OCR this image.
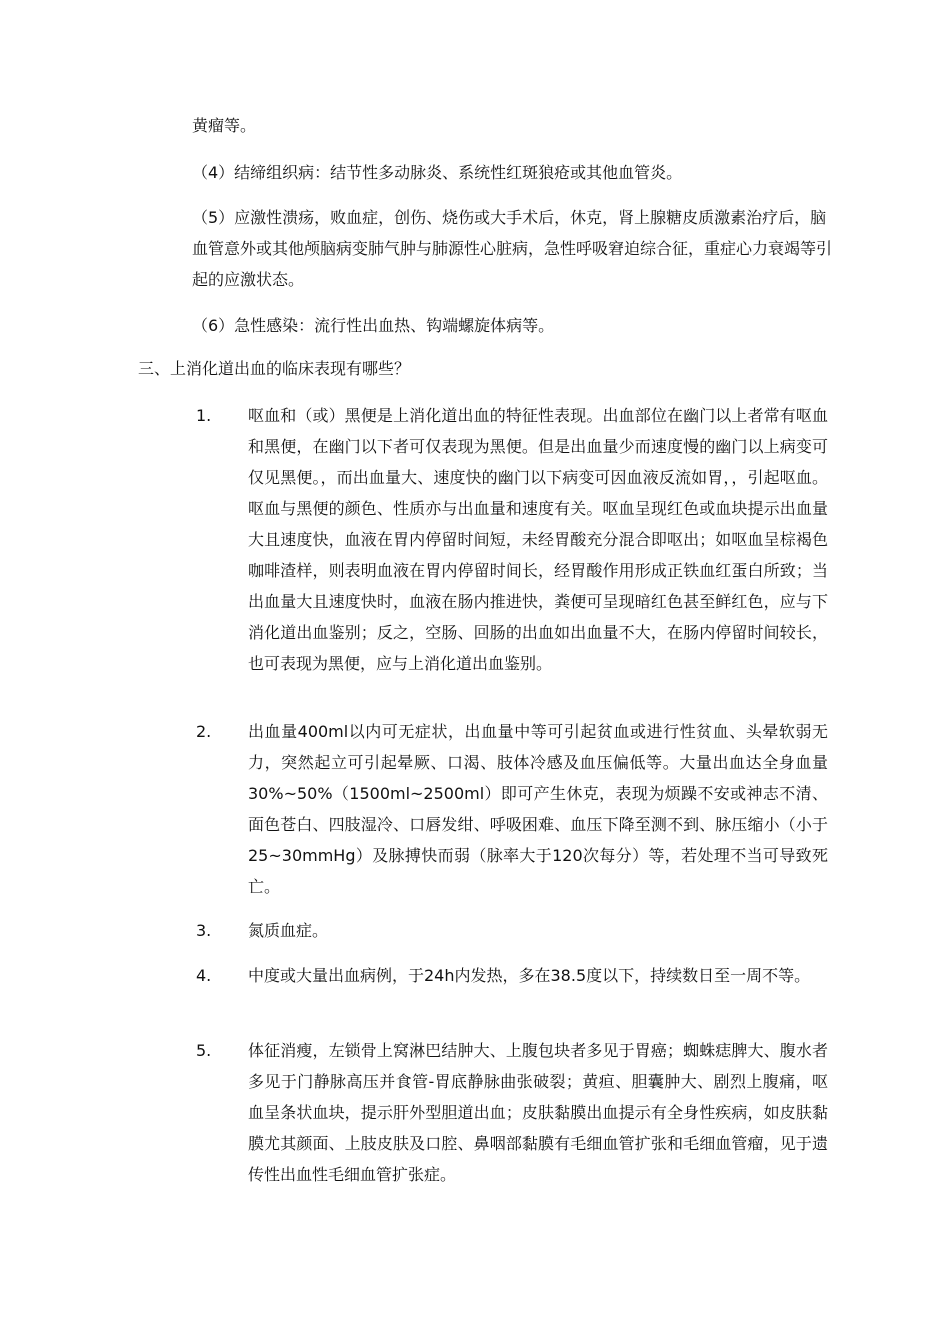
黄瘤等。

（4）结缔组织病：结节性多动脉炎、系统性红斑狼疮或其他血管炎。

（5）应激性溃疡，败血症，创伤、烧伤或大手术后，休克，肾上腺糖皮质激素治疗后，脑血管意外或其他颅脑病变肺气肿与肺源性心脏病，急性呼吸窘迫综合征，重症心力衰竭等引起的应激状态。

（6）急性感染：流行性出血热、钩端螺旋体病等。

三、上消化道出血的临床表现有哪些？

1.	呕血和（或）黑便是上消化道出血的特征性表现。出血部位在幽门以上者常有呕血和黑便，在幽门以下者可仅表现为黑便。但是出血量少而速度慢的幽门以上病变可仅见黑便。，而出血量大、速度快的幽门以下病变可因血液反流如胃，，引起呕血。呕血与黑便的颜色、性质亦与出血量和速度有关。呕血呈现红色或血块提示出血量大且速度快，血液在胃内停留时间短，未经胃酸充分混合即呕出；如呕血呈棕褐色咖啡渣样，则表明血液在胃内停留时间长，经胃酸作用形成正铁血红蛋白所致；当出血量大且速度快时，血液在肠内推进快，粪便可呈现暗红色甚至鲜红色，应与下消化道出血鉴别；反之，空肠、回肠的出血如出血量不大，在肠内停留时间较长，也可表现为黑便，应与上消化道出血鉴别。

2.	出血量400ml以内可无症状，出血量中等可引起贫血或进行性贫血、头晕软弱无力，突然起立可引起晕厥、口渴、肢体冷感及血压偏低等。大量出血达全身血量30%~50%（1500ml~2500ml）即可产生休克，表现为烦躁不安或神志不清、面色苍白、四肢湿冷、口唇发绀、呼吸困难、血压下降至测不到、脉压缩小（小于25~30mmHg）及脉搏快而弱（脉率大于120次每分）等，若处理不当可导致死亡。

3.	氮质血症。

4.	中度或大量出血病例，于24h内发热，多在38.5度以下，持续数日至一周不等。

5.	体征消瘦，左锁骨上窝淋巴结肿大、上腹包块者多见于胃癌；蜘蛛痣脾大、腹水者多见于门静脉高压并食管-胃底静脉曲张破裂；黄疸、胆囊肿大、剧烈上腹痛，呕血呈条状血块，提示肝外型胆道出血；皮肤黏膜出血提示有全身性疾病，如皮肤黏膜尤其颜面、上肢皮肤及口腔、鼻咽部黏膜有毛细血管扩张和毛细血管瘤，见于遗传性出血性毛细血管扩张症。
